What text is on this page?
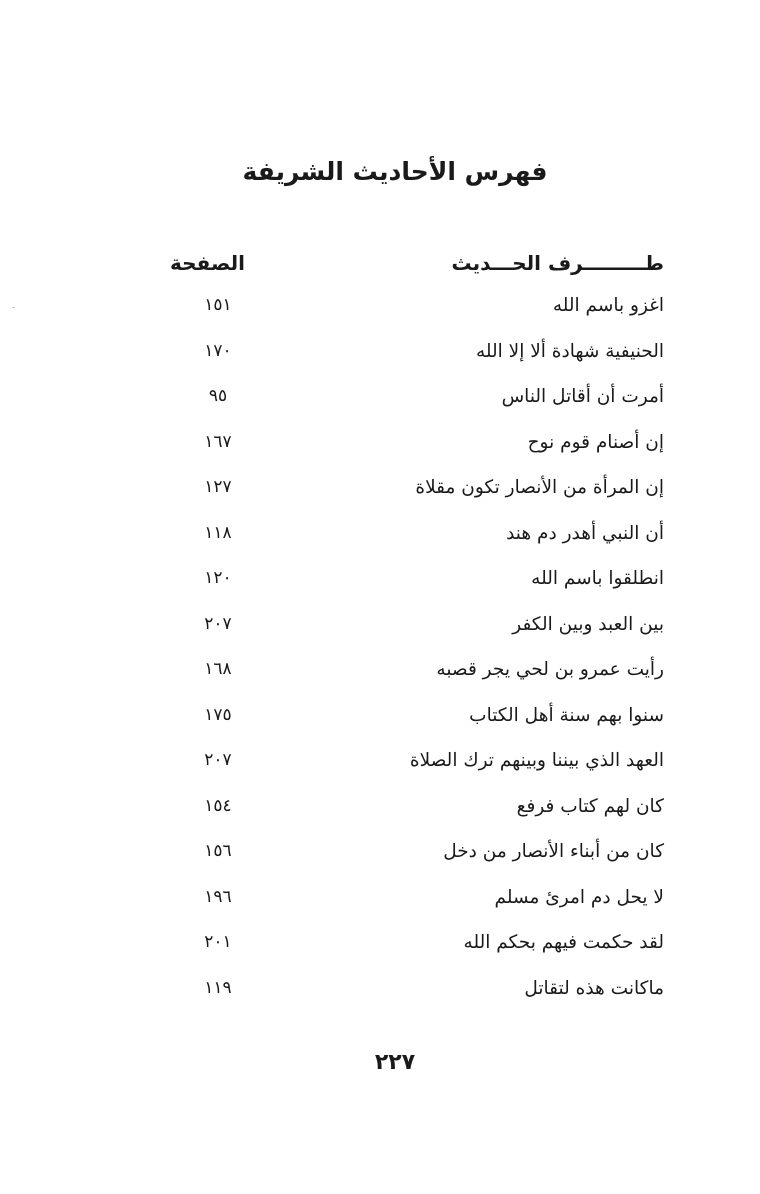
فهرس الأحاديث الشريفة
طـــــــــرف الحـــديث
الصفحة
اغزو باسم الله
١٥١
الحنيفية شهادة ألا إلا الله
١٧٠
أمرت أن أقاتل الناس
٩٥
إن أصنام قوم نوح
١٦٧
إن المرأة من الأنصار تكون مقلاة
١٢٧
أن النبي أهدر دم هند
١١٨
انطلقوا باسم الله
١٢٠
بين العبد وبين الكفر
٢٠٧
رأيت عمرو بن لحي يجر قصبه
١٦٨
سنوا بهم سنة أهل الكتاب
١٧٥
العهد الذي بيننا وبينهم ترك الصلاة
٢٠٧
كان لهم كتاب فرفع
١٥٤
كان من أبناء الأنصار من دخل
١٥٦
لا يحل دم امرئ مسلم
١٩٦
لقد حكمت فيهم بحكم الله
٢٠١
ماكانت هذه لتقاتل
١١٩
٢٢٧
